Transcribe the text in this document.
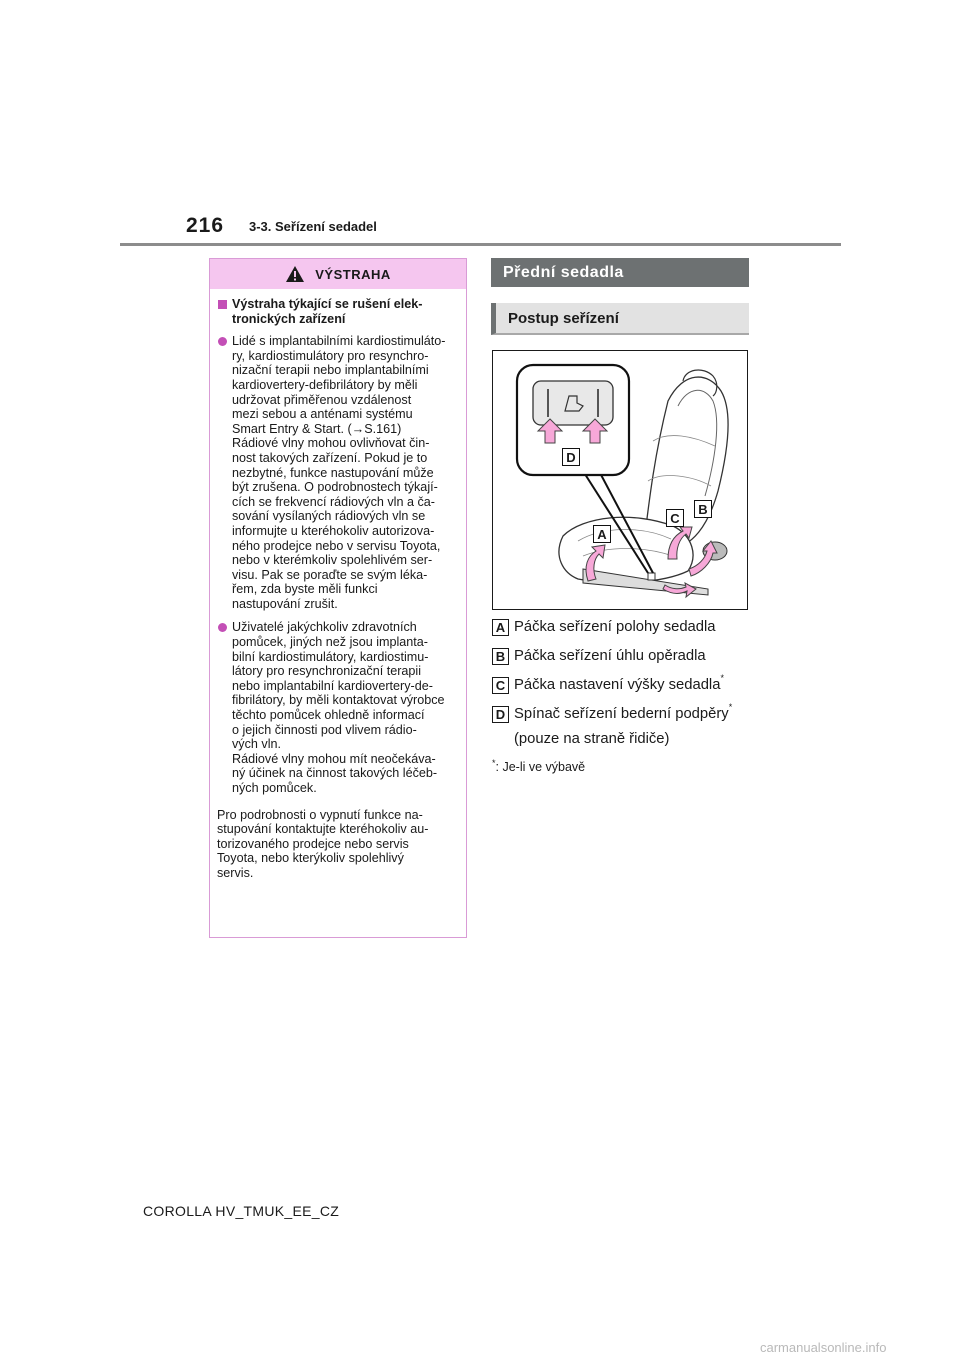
216 3-3. Seřízení sedadel
VÝSTRAHA
Výstraha týkající se rušení elek-
tronických zařízení
Lidé s implantabilními kardiostimuláto-
ry, kardiostimulátory pro resynchro-
nizační terapii nebo implantabilními
kardiovertery-defibrilátory by měli
udržovat přiměřenou vzdálenost
mezi sebou a anténami systému
Smart Entry & Start. (→S.161)
Rádiové vlny mohou ovlivňovat čin-
nost takových zařízení. Pokud je to
nezbytné, funkce nastupování může
být zrušena. O podrobnostech týkají-
cích se frekvencí rádiových vln a ča-
sování vysílaných rádiových vln se
informujte u kteréhokoliv autorizova-
ného prodejce nebo v servisu Toyota,
nebo v kterémkoliv spolehlivém ser-
visu. Pak se poraďte se svým léka-
řem, zda byste měli funkci
nastupování zrušit.
Uživatelé jakýchkoliv zdravotních
pomůcek, jiných než jsou implanta-
bilní kardiostimulátory, kardiostimu-
látory pro resynchronizační terapii
nebo implantabilní kardiovertery-de-
fibrilátory, by měli kontaktovat výrobce
těchto pomůcek ohledně informací
o jejich činnosti pod vlivem rádio-
vých vln.
Rádiové vlny mohou mít neočekáva-
ný účinek na činnost takových léčeb-
ných pomůcek.
Pro podrobnosti o vypnutí funkce na-
stupování kontaktujte kteréhokoliv au-
torizovaného prodejce nebo servis
Toyota, nebo kterýkoliv spolehlivý
servis.
Přední sedadla
Postup seřízení
D
A
C
B
A Páčka seřízení polohy sedadla
B Páčka seřízení úhlu opěradla
C Páčka nastavení výšky sedadla*
D Spínač seřízení bederní podpěry*
(pouze na straně řidiče)
*: Je-li ve výbavě
COROLLA HV_TMUK_EE_CZ
carmanualsonline.info
